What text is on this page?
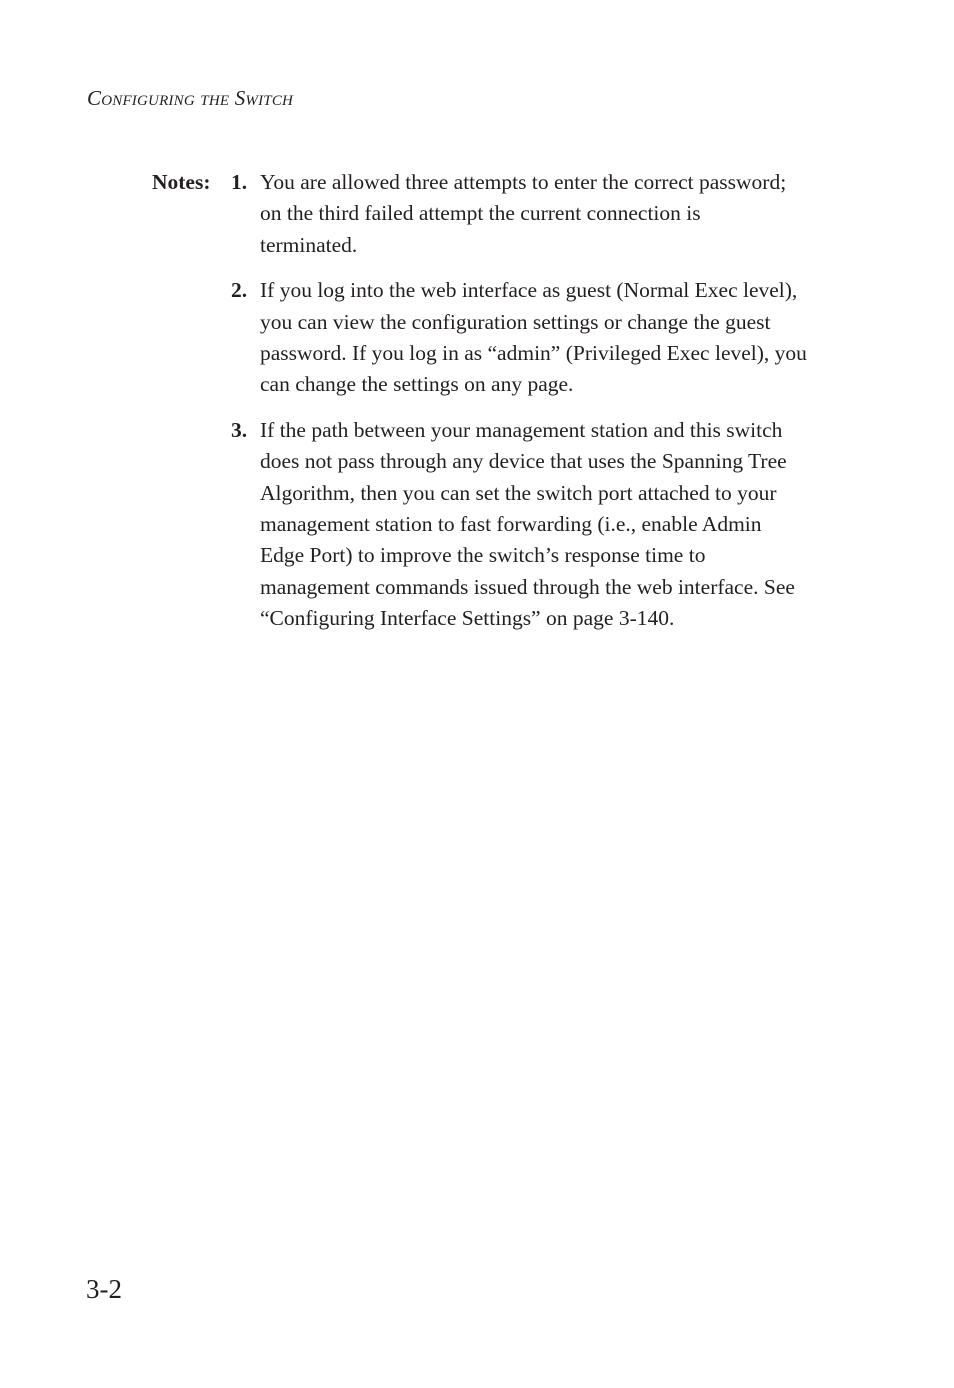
Configuring the Switch
Notes: 1. You are allowed three attempts to enter the correct password;
on the third failed attempt the current connection is
terminated.
2. If you log into the web interface as guest (Normal Exec level),
you can view the configuration settings or change the guest
password. If you log in as “admin” (Privileged Exec level), you
can change the settings on any page.
3. If the path between your management station and this switch
does not pass through any device that uses the Spanning Tree
Algorithm, then you can set the switch port attached to your
management station to fast forwarding (i.e., enable Admin
Edge Port) to improve the switch’s response time to
management commands issued through the web interface. See
“Configuring Interface Settings” on page 3-140.
3-2
